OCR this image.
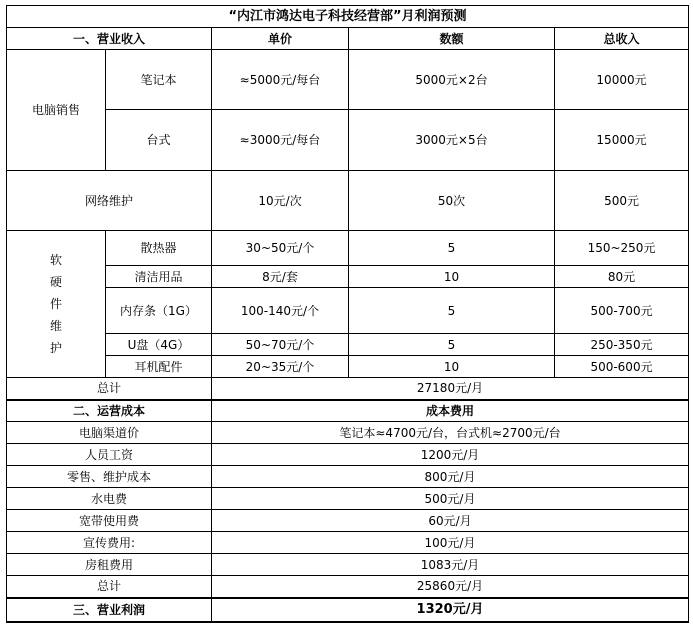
“内江市鸿达电子科技经营部”月利润预测				
一、营业收入		单价	数额	总收入
电脑销售	笔记本	≈5000元/每台	5000元×2台	10000元
	台式	≈3000元/每台	3000元×5台	15000元
网络维护		10元/次	50次	500元
软 硬 件 维 护	散热器	30~50元/个	5	150~250元
	清洁用品	8元/套	10	80元
	内存条（1G）	100-140元/个	5	500-700元
	U盘（4G）	50~70元/个	5	250-350元
	耳机配件	20~35元/个	10	500-600元
总计		27180元/月		
二、运营成本		成本费用		
电脑渠道价		笔记本≈4700元/台，台式机≈2700元/台		
人员工资		1200元/月		
零售、维护成本		800元/月		
水电费		500元/月		
宽带使用费		60元/月		
宣传费用:		100元/月		
房租费用		1083元/月		
总计		25860元/月		
三、营业利润		1320元/月		
